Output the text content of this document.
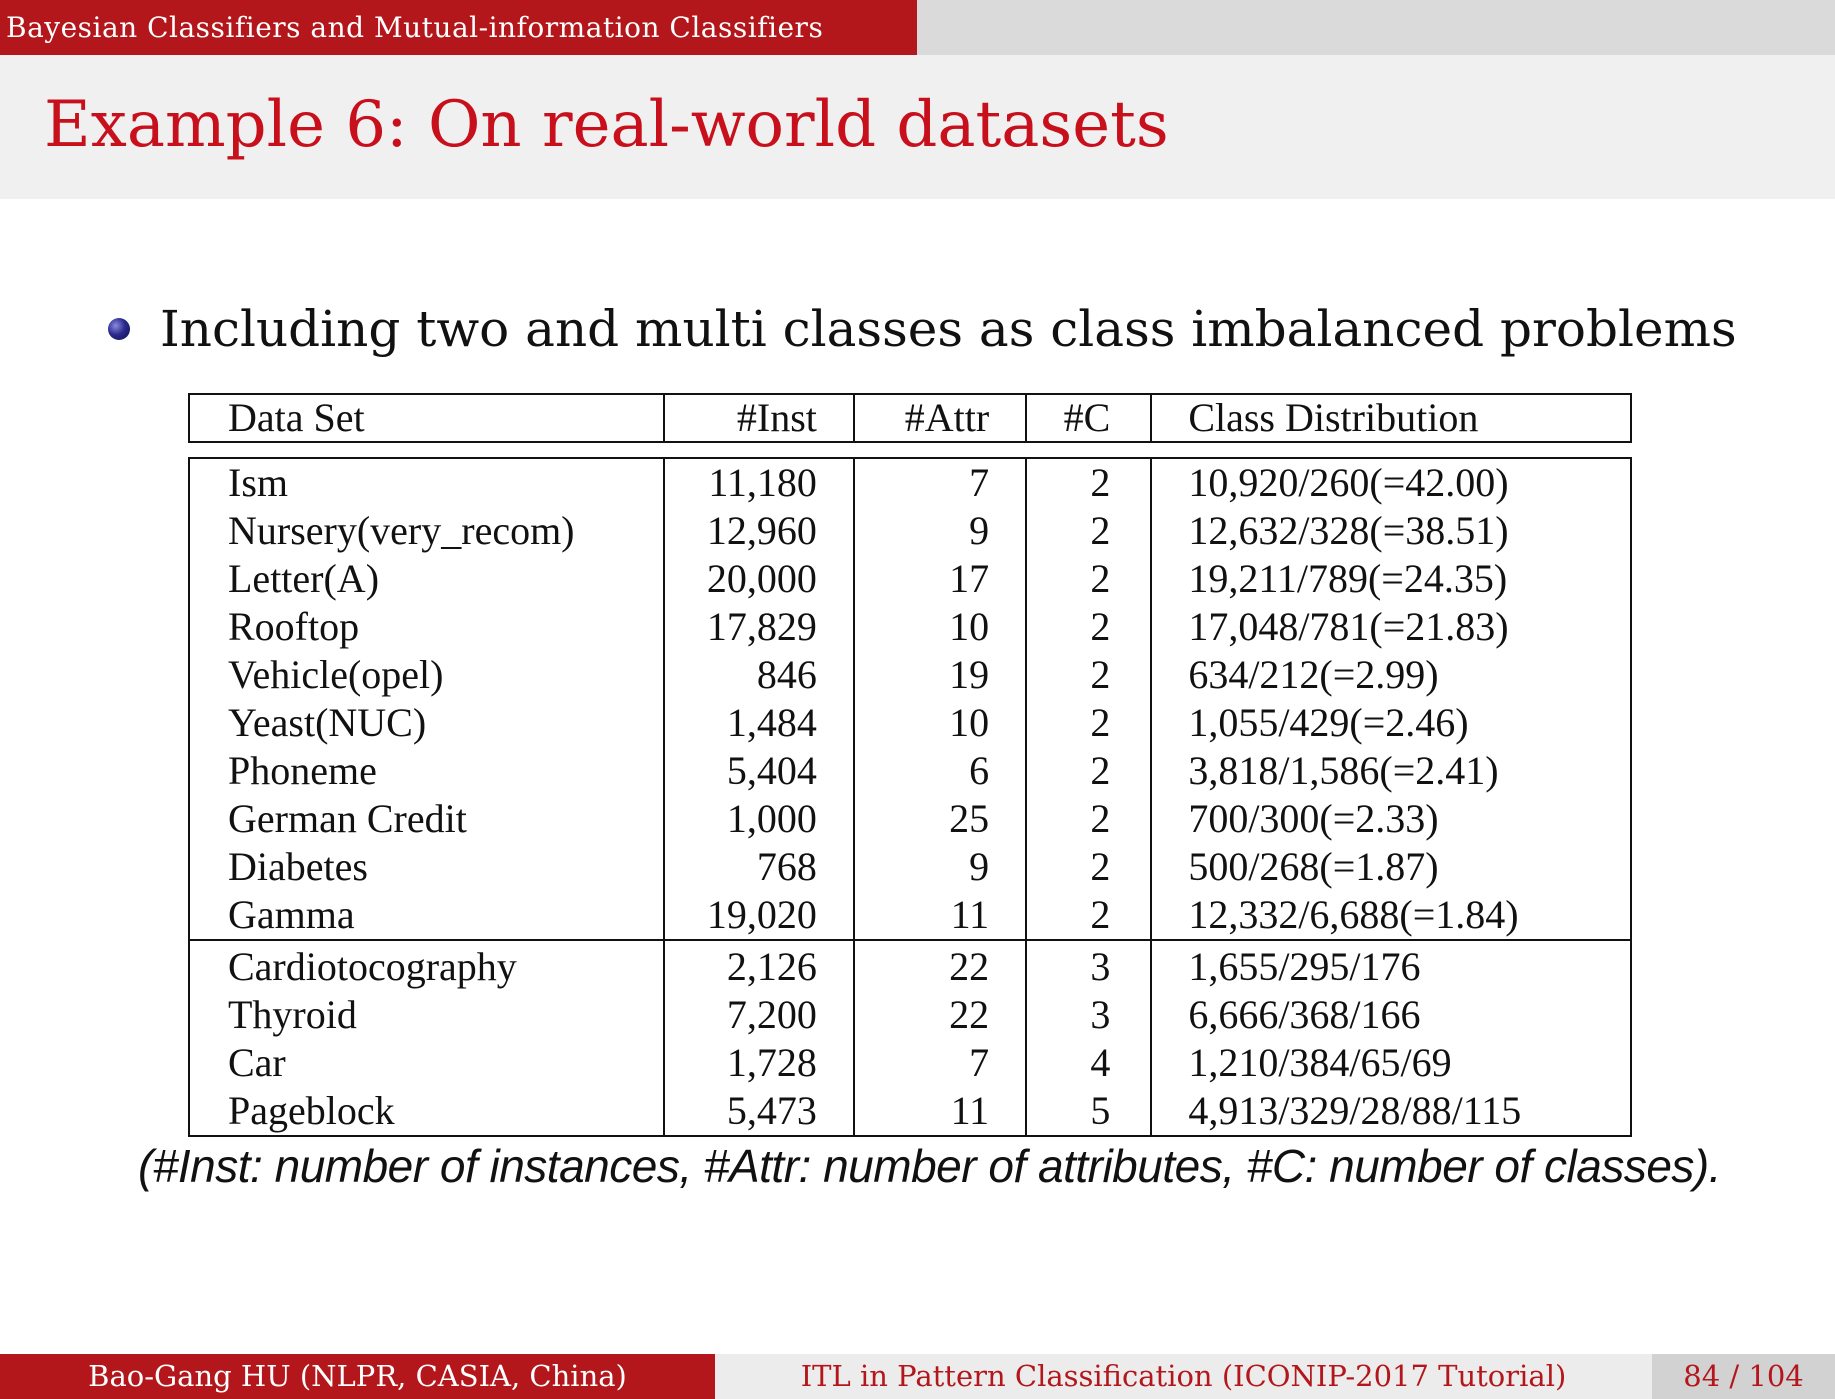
Bayesian Classifiers and Mutual-information Classifiers
Example 6: On real-world datasets
Including two and multi classes as class imbalanced problems
Data Set	#Inst	#Attr	#C	Class Distribution
Ism	11,180	7	2	10,920/260(=42.00)
Nursery(very_recom)	12,960	9	2	12,632/328(=38.51)
Letter(A)	20,000	17	2	19,211/789(=24.35)
Rooftop	17,829	10	2	17,048/781(=21.83)
Vehicle(opel)	846	19	2	634/212(=2.99)
Yeast(NUC)	1,484	10	2	1,055/429(=2.46)
Phoneme	5,404	6	2	3,818/1,586(=2.41)
German Credit	1,000	25	2	700/300(=2.33)
Diabetes	768	9	2	500/268(=1.87)
Gamma	19,020	11	2	12,332/6,688(=1.84)
Cardiotocography	2,126	22	3	1,655/295/176
Thyroid	7,200	22	3	6,666/368/166
Car	1,728	7	4	1,210/384/65/69
Pageblock	5,473	11	5	4,913/329/28/88/115

(#Inst: number of instances, #Attr: number of attributes, #C: number of classes).

Bao-Gang HU (NLPR, CASIA, China)	ITL in Pattern Classification (ICONIP-2017 Tutorial)	84 / 104
